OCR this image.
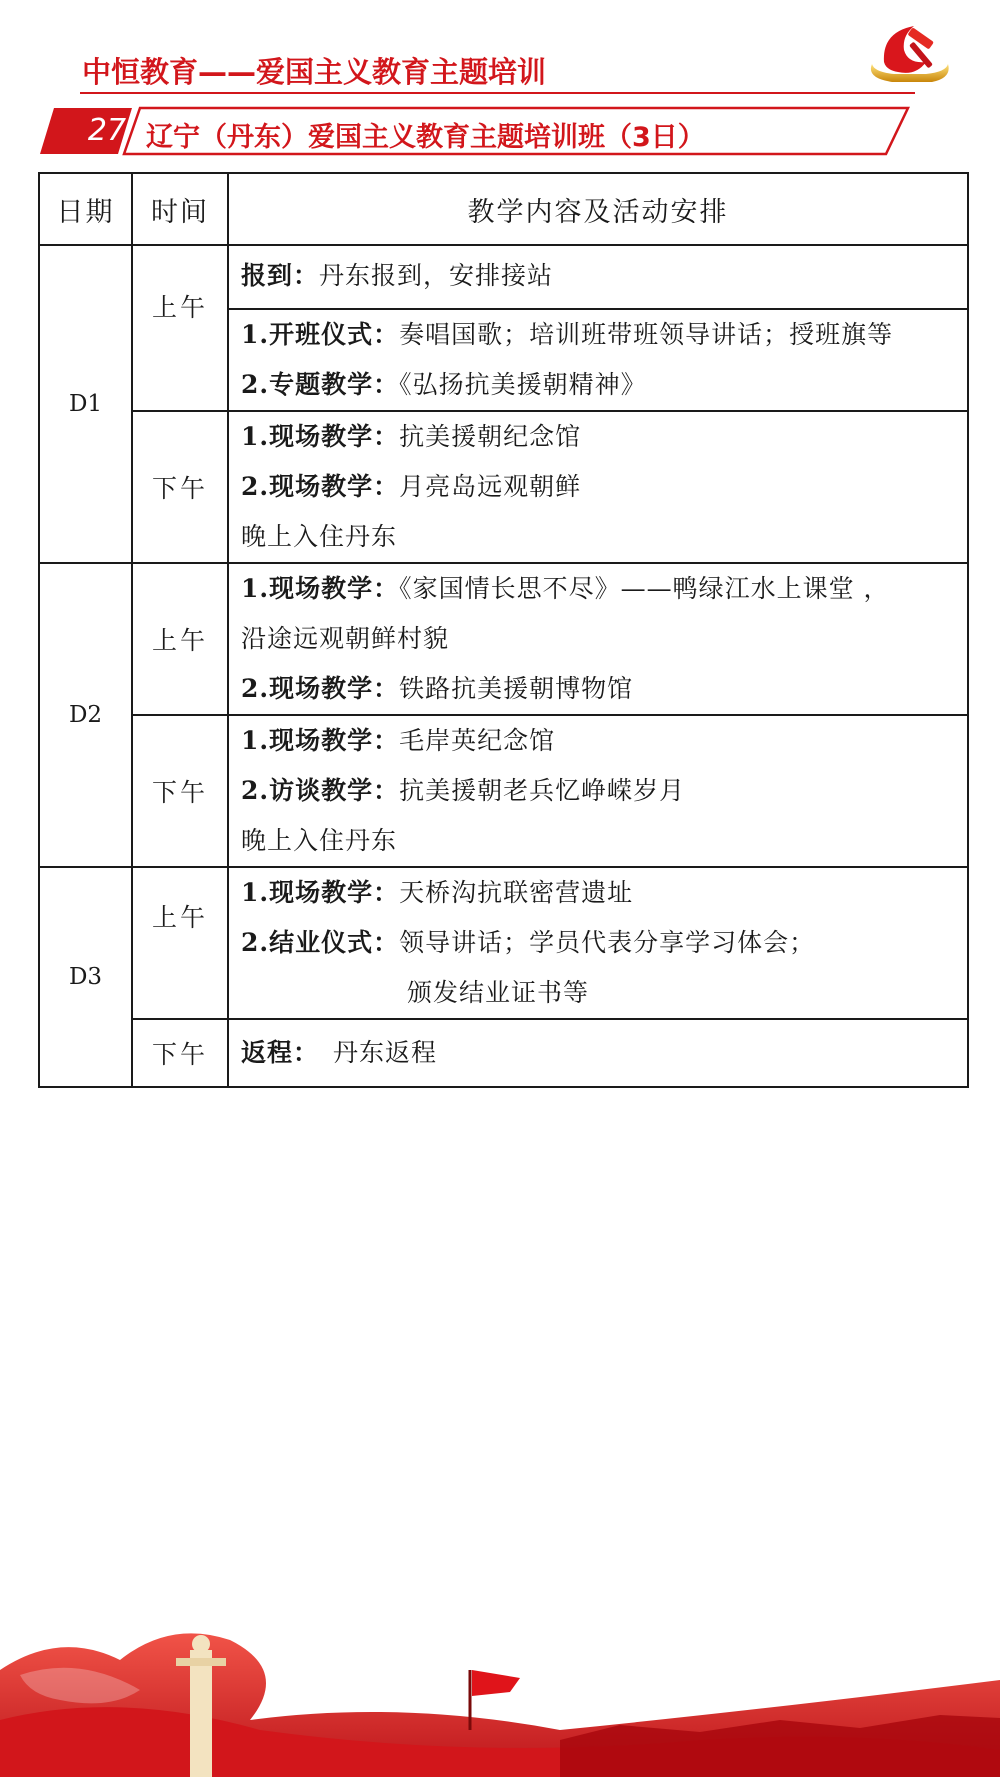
中恒教育——爱国主义教育主题培训
27 辽宁（丹东）爱国主义教育主题培训班（3日）
日期	时间	教学内容及活动安排
D1	上午	报到：丹东报到，安排接站

		1.开班仪式：奏唱国歌；培训班带班领导讲话；授班旗等
2.专题教学：《弘扬抗美援朝精神》

	下午	1.现场教学：抗美援朝纪念馆
2.现场教学：月亮岛远观朝鲜
晚上入住丹东

D2	上午	1.现场教学：《家国情长思不尽》——鸭绿江水上课堂 ，
沿途远观朝鲜村貌
2.现场教学：铁路抗美援朝博物馆

	下午	1.现场教学：毛岸英纪念馆
2.访谈教学：抗美援朝老兵忆峥嵘岁月
晚上入住丹东

D3	上午	1.现场教学：天桥沟抗联密营遗址
2.结业仪式：领导讲话；学员代表分享学习体会；
颁发结业证书等

	下午	返程： 丹东返程
